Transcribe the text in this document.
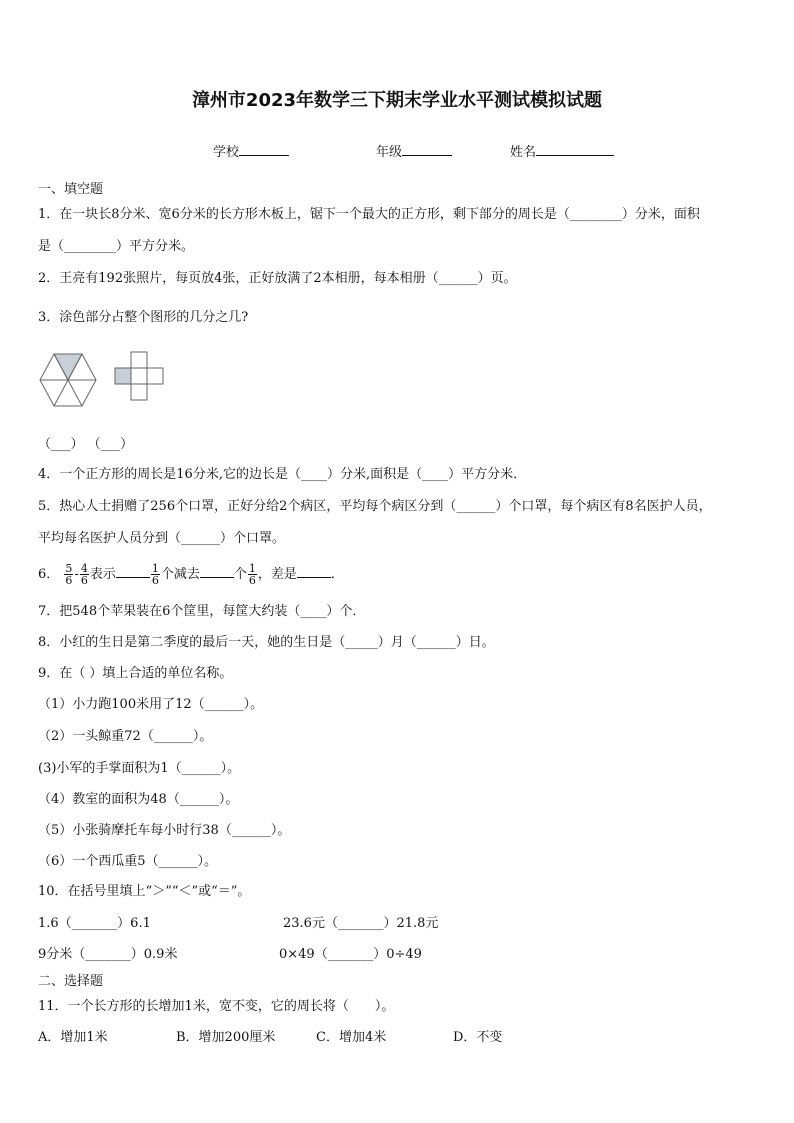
漳州市2023年数学三下期末学业水平测试模拟试题
学校	年级	姓名
一、填空题
1．在一块长8分米、宽6分米的长方形木板上，锯下一个最大的正方形，剩下部分的周长是（________）分米，面积
是（________）平方分米。
2．王亮有192张照片，每页放4张，正好放满了2本相册，每本相册（______）页。
3．涂色部分占整个图形的几分之几?
（___） （___）
4．一个正方形的周长是16分米,它的边长是（____）分米,面积是（____）平方分米．
5．热心人士捐赠了256个口罩，正好分给2个病区，平均每个病区分到（______）个口罩，每个病区有8名医护人员，
平均每名医护人员分到（______）个口罩。
6． $\frac{5}{6} - \frac{4}{6}$ 表示	$\frac{1}{6}$ 个减去	个 $\frac{1}{6}$ ，差是	．
7．把548个苹果装在6个筐里，每筐大约装（____）个．
8．小红的生日是第二季度的最后一天，她的生日是（_____）月（______）日。
9．在（ ）填上合适的单位名称。
（1）小力跑100米用了12（______）。
（2）一头鲸重72（______）。
(3)小军的手掌面积为1（______）。
（4）教室的面积为48（______）。
（5）小张骑摩托车每小时行38（______）。
（6）一个西瓜重5（______）。
10．在括号里填上“＞”“＜”或“＝”。
1.6（_______）6.1	23.6元（_______）21.8元
9分米（_______）0.9米	0×49（_______）0÷49
二、选择题
11．一个长方形的长增加1米，宽不变，它的周长将（　　）。
A．增加1米	B．增加200厘米	C．增加4米	D．不变
